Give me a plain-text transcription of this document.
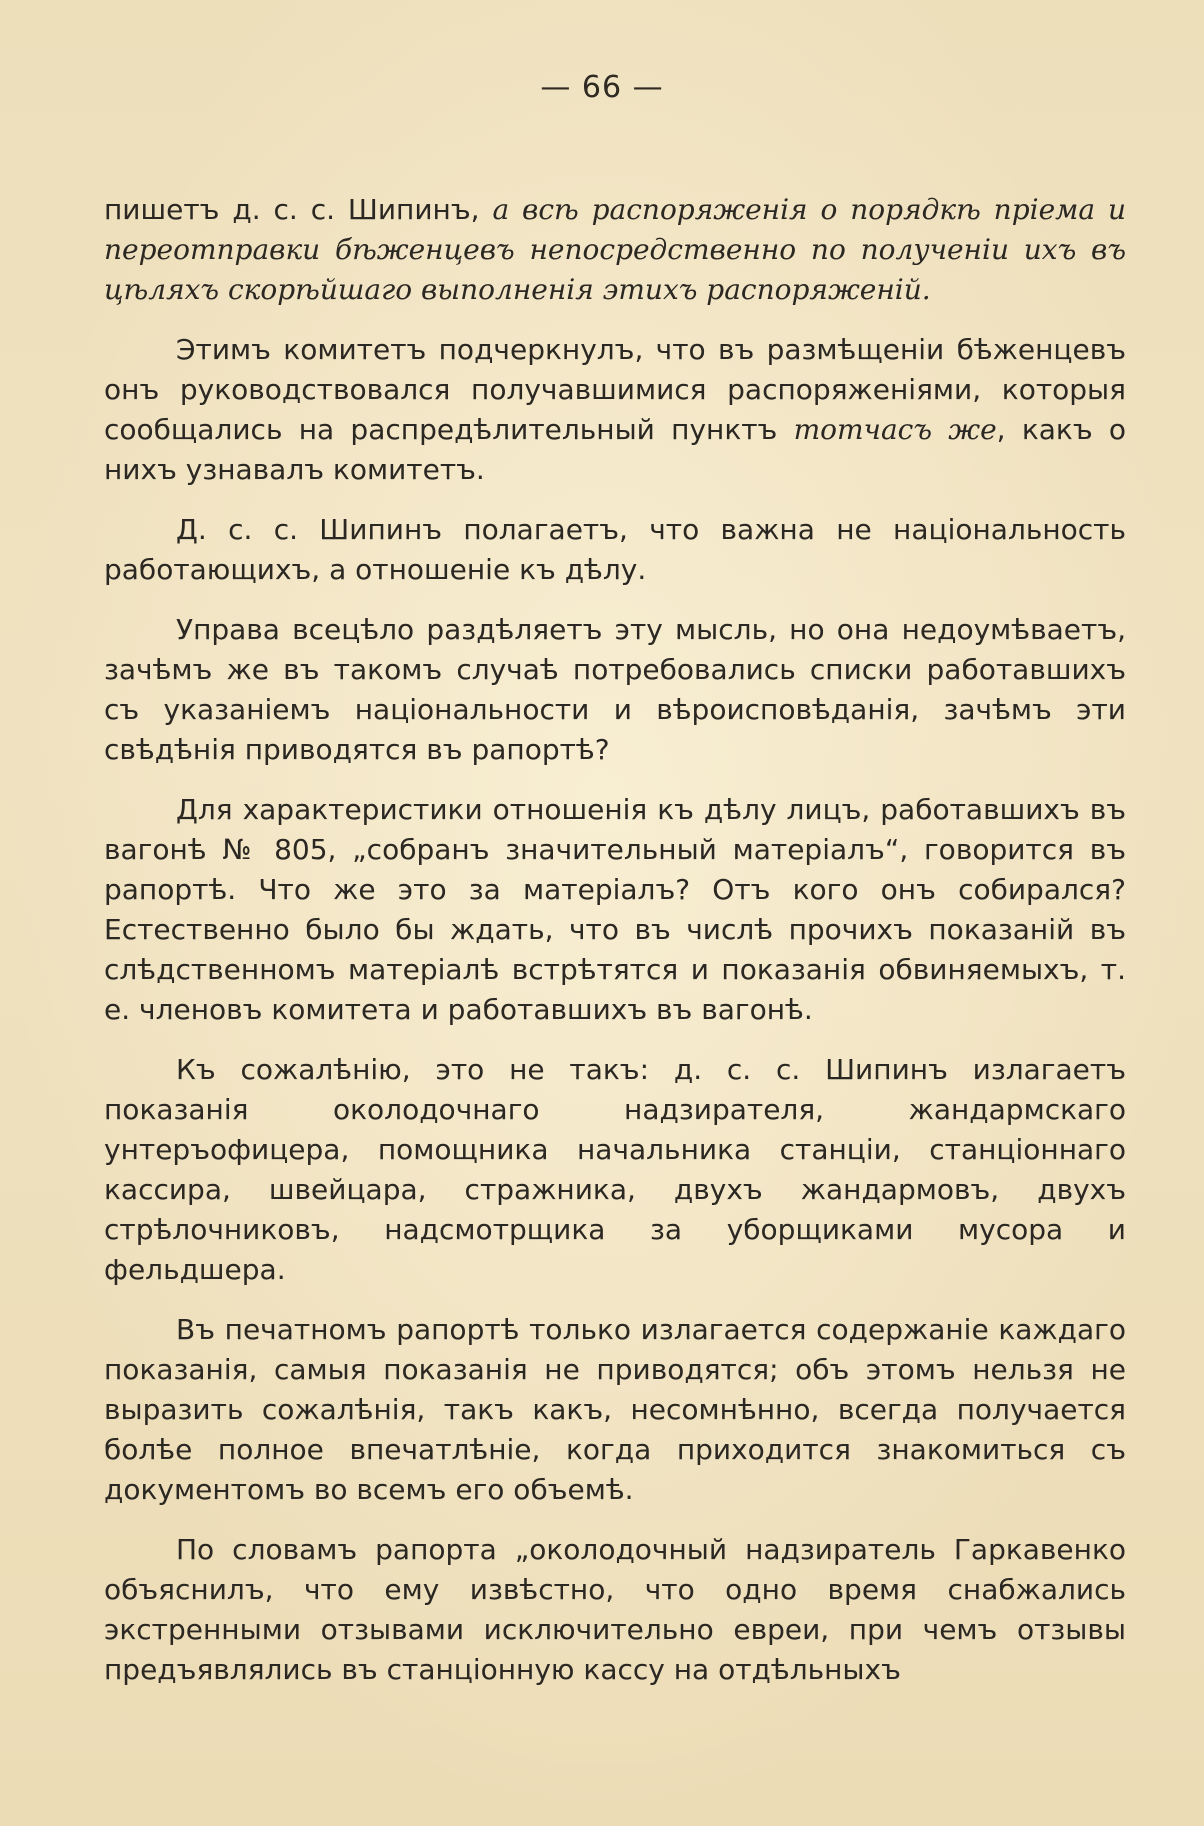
— 66 —

пишетъ д. с. с. Шипинъ, а всѣ распоряженія о порядкѣ пріема и переотправки бѣженцевъ непосредственно по полученіи ихъ въ цѣляхъ скорѣйшаго выполненія этихъ распоряженій.

Этимъ комитетъ подчеркнулъ, что въ размѣщеніи бѣженцевъ онъ руководствовался получавшимися распоряженіями, которыя сообщались на распредѣлительный пунктъ тотчасъ же, какъ о нихъ узнавалъ комитетъ.

Д. с. с. Шипинъ полагаетъ, что важна не національность работающихъ, а отношеніе къ дѣлу.

Управа всецѣло раздѣляетъ эту мысль, но она недоумѣваетъ, зачѣмъ же въ такомъ случаѣ потребовались списки работавшихъ съ указаніемъ національности и вѣроисповѣданія, зачѣмъ эти свѣдѣнія приводятся въ рапортѣ?

Для характеристики отношенія къ дѣлу лицъ, работавшихъ въ вагонѣ № 805, „собранъ значительный матеріалъ“, говорится въ рапортѣ. Что же это за матеріалъ? Отъ кого онъ собирался? Естественно было бы ждать, что въ числѣ прочихъ показаній въ слѣдственномъ матеріалѣ встрѣтятся и показанія обвиняемыхъ, т. е. членовъ комитета и работавшихъ въ вагонѣ.

Къ сожалѣнію, это не такъ: д. с. с. Шипинъ излагаетъ показанія околодочнаго надзирателя, жандармскаго унтеръофицера, помощника начальника станціи, станціоннаго кассира, швейцара, стражника, двухъ жандармовъ, двухъ стрѣлочниковъ, надсмотрщика за уборщиками мусора и фельдшера.

Въ печатномъ рапортѣ только излагается содержаніе каждаго показанія, самыя показанія не приводятся; объ этомъ нельзя не выразить сожалѣнія, такъ какъ, несомнѣнно, всегда получается болѣе полное впечатлѣніе, когда приходится знакомиться съ документомъ во всемъ его объемѣ.

По словамъ рапорта „околодочный надзиратель Гаркавенко объяснилъ, что ему извѣстно, что одно время снабжались экстренными отзывами исключительно евреи, при чемъ отзывы предъявлялись въ станціонную кассу на отдѣльныхъ
